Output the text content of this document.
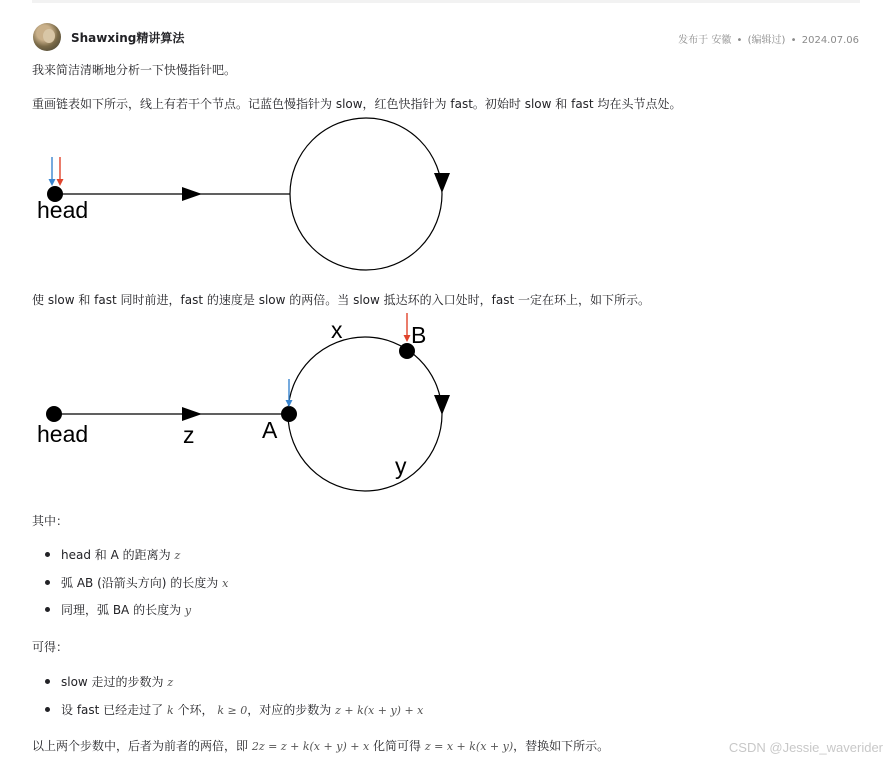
Shawxing精讲算法	发布于 安徽 • (编辑过) • 2024.07.06
我来简洁清晰地分析一下快慢指针吧。
重画链表如下所示，线上有若干个节点。记蓝色慢指针为 slow，红色快指针为 fast。初始时 slow 和 fast 均在头节点处。
head
使 slow 和 fast 同时前进，fast 的速度是 slow 的两倍。当 slow 抵达环的入口处时，fast 一定在环上，如下所示。
head	z	A
x	B
y
其中：
head 和 A 的距离为 z
弧 AB (沿箭头方向) 的长度为 x
同理，弧 BA 的长度为 y
可得：
slow 走过的步数为 z
设 fast 已经走过了 k 个环， k ≥ 0，对应的步数为 z + k(x + y) + x
以上两个步数中，后者为前者的两倍，即 2z = z + k(x + y) + x 化简可得 z = x + k(x + y)，替换如下所示。	CSDN @Jessie_waverider
